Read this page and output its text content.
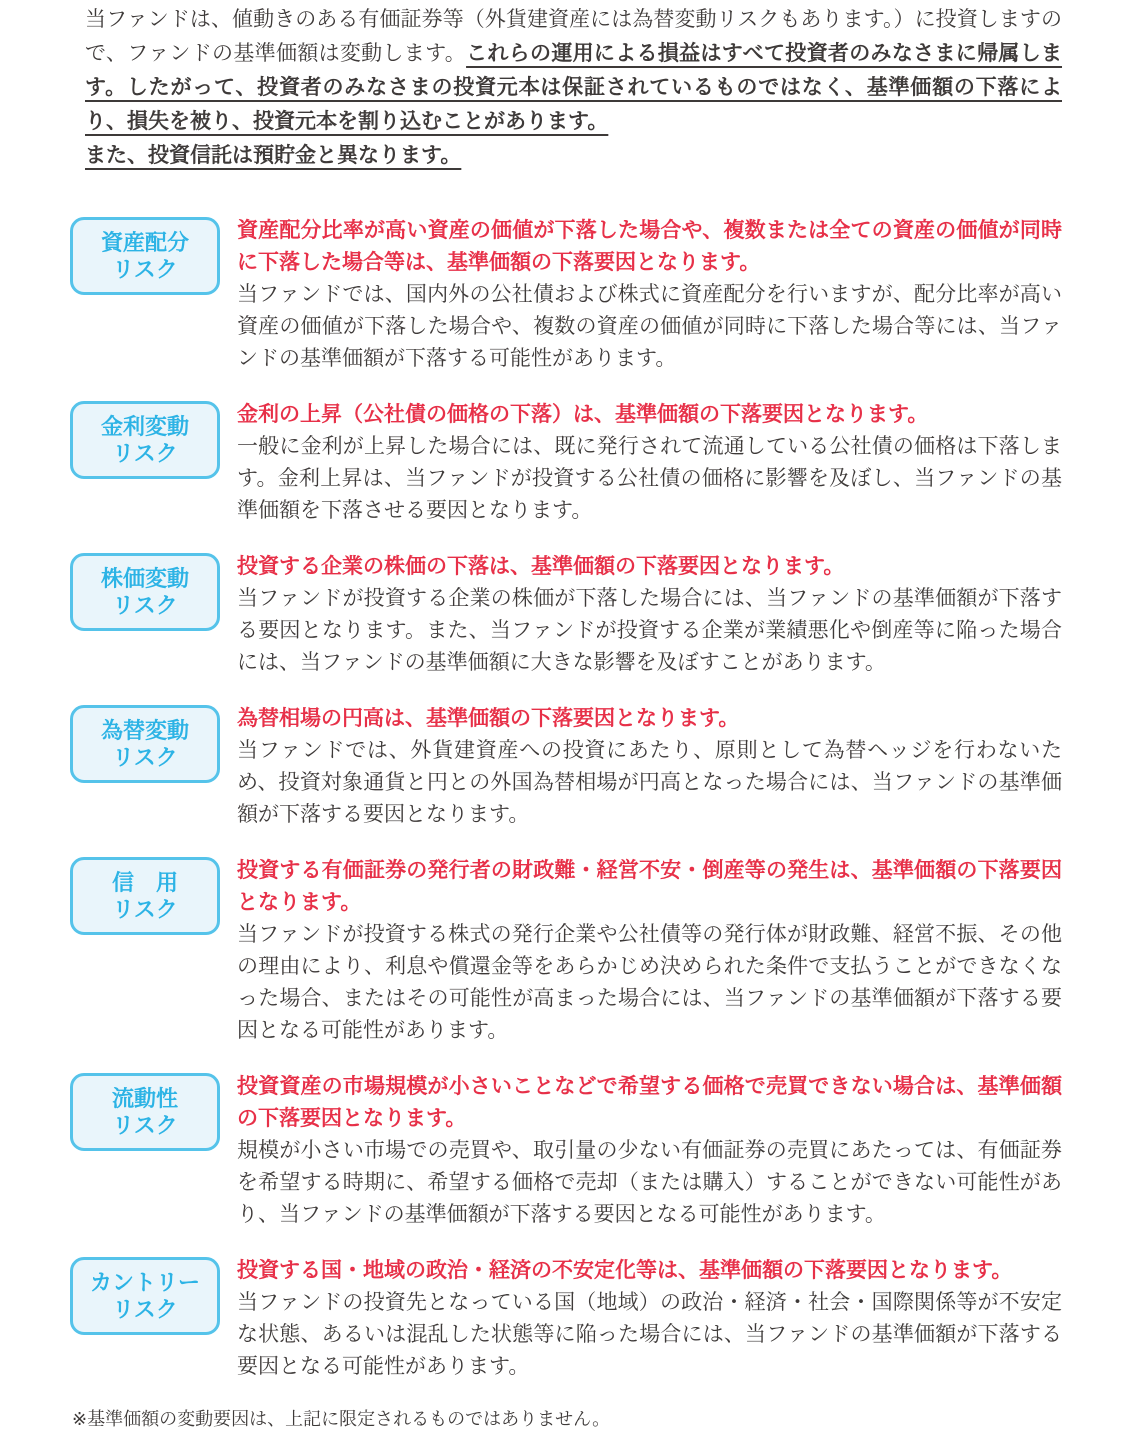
当ファンドは、値動きのある有価証券等（外貨建資産には為替変動リスクもあります。）に投資しますので、ファンドの基準価額は変動します。これらの運用による損益はすべて投資者のみなさまに帰属します。したがって、投資者のみなさまの投資元本は保証されているものではなく、基準価額の下落により、損失を被り、投資元本を割り込むことがあります。

また、投資信託は預貯金と異なります。

資産配分
リスク

資産配分比率が高い資産の価値が下落した場合や、複数または全ての資産の価値が同時に下落した場合等は、基準価額の下落要因となります。

当ファンドでは、国内外の公社債および株式に資産配分を行いますが、配分比率が高い資産の価値が下落した場合や、複数の資産の価値が同時に下落した場合等には、当ファンドの基準価額が下落する可能性があります。

金利変動
リスク

金利の上昇（公社債の価格の下落）は、基準価額の下落要因となります。

一般に金利が上昇した場合には、既に発行されて流通している公社債の価格は下落します。金利上昇は、当ファンドが投資する公社債の価格に影響を及ぼし、当ファンドの基準価額を下落させる要因となります。

株価変動
リスク

投資する企業の株価の下落は、基準価額の下落要因となります。

当ファンドが投資する企業の株価が下落した場合には、当ファンドの基準価額が下落する要因となります。また、当ファンドが投資する企業が業績悪化や倒産等に陥った場合には、当ファンドの基準価額に大きな影響を及ぼすことがあります。

為替変動
リスク

為替相場の円高は、基準価額の下落要因となります。

当ファンドでは、外貨建資産への投資にあたり、原則として為替ヘッジを行わないため、投資対象通貨と円との外国為替相場が円高となった場合には、当ファンドの基準価額が下落する要因となります。

信　用
リスク

投資する有価証券の発行者の財政難・経営不安・倒産等の発生は、基準価額の下落要因となります。

当ファンドが投資する株式の発行企業や公社債等の発行体が財政難、経営不振、その他の理由により、利息や償還金等をあらかじめ決められた条件で支払うことができなくなった場合、またはその可能性が高まった場合には、当ファンドの基準価額が下落する要因となる可能性があります。

流動性
リスク

投資資産の市場規模が小さいことなどで希望する価格で売買できない場合は、基準価額の下落要因となります。

規模が小さい市場での売買や、取引量の少ない有価証券の売買にあたっては、有価証券を希望する時期に、希望する価格で売却（または購入）することができない可能性があり、当ファンドの基準価額が下落する要因となる可能性があります。

カントリー
リスク

投資する国・地域の政治・経済の不安定化等は、基準価額の下落要因となります。

当ファンドの投資先となっている国（地域）の政治・経済・社会・国際関係等が不安定な状態、あるいは混乱した状態等に陥った場合には、当ファンドの基準価額が下落する要因となる可能性があります。

※基準価額の変動要因は、上記に限定されるものではありません。
